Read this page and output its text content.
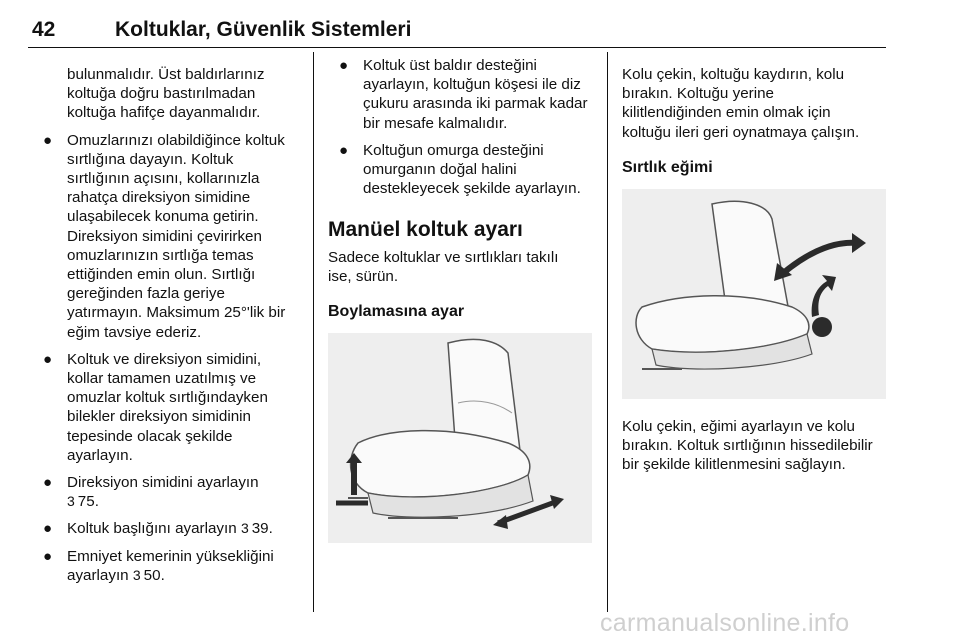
42	Koltuklar, Güvenlik Sistemleri

bulunmalıdır. Üst baldırlarınız
koltuğa doğru bastırılmadan
koltuğa hafifçe dayanmalıdır.

● Omuzlarınızı olabildiğince koltuk
sırtlığına dayayın. Koltuk
sırtlığının açısını, kollarınızla
rahatça direksiyon simidine
ulaşabilecek konuma getirin.
Direksiyon simidini çevirirken
omuzlarınızın sırtlığa temas
ettiğinden emin olun. Sırtlığı
gereğinden fazla geriye
yatırmayın. Maksimum 25°'lik bir
eğim tavsiye ederiz.
● Koltuk ve direksiyon simidini,
kollar tamamen uzatılmış ve
omuzlar koltuk sırtlığındayken
bilekler direksiyon simidinin
tepesinde olacak şekilde
ayarlayın.
● Direksiyon simidini ayarlayın
3 75.
● Koltuk başlığını ayarlayın 3 39.
● Emniyet kemerinin yüksekliğini
ayarlayın 3 50.
● Koltuk üst baldır desteğini
ayarlayın, koltuğun köşesi ile diz
çukuru arasında iki parmak kadar
bir mesafe kalmalıdır.
● Koltuğun omurga desteğini
omurganın doğal halini
destekleyecek şekilde ayarlayın.
Manüel koltuk ayarı

Sadece koltuklar ve sırtlıkları takılı
ise, sürün.

Boylamasına ayar

Kolu çekin, koltuğu kaydırın, kolu
bırakın. Koltuğu yerine
kilitlendiğinden emin olmak için
koltuğu ileri geri oynatmaya çalışın.

Sırtlık eğimi

Kolu çekin, eğimi ayarlayın ve kolu
bırakın. Koltuk sırtlığının hissedilebilir
bir şekilde kilitlenmesini sağlayın.

carmanualsonline.info
